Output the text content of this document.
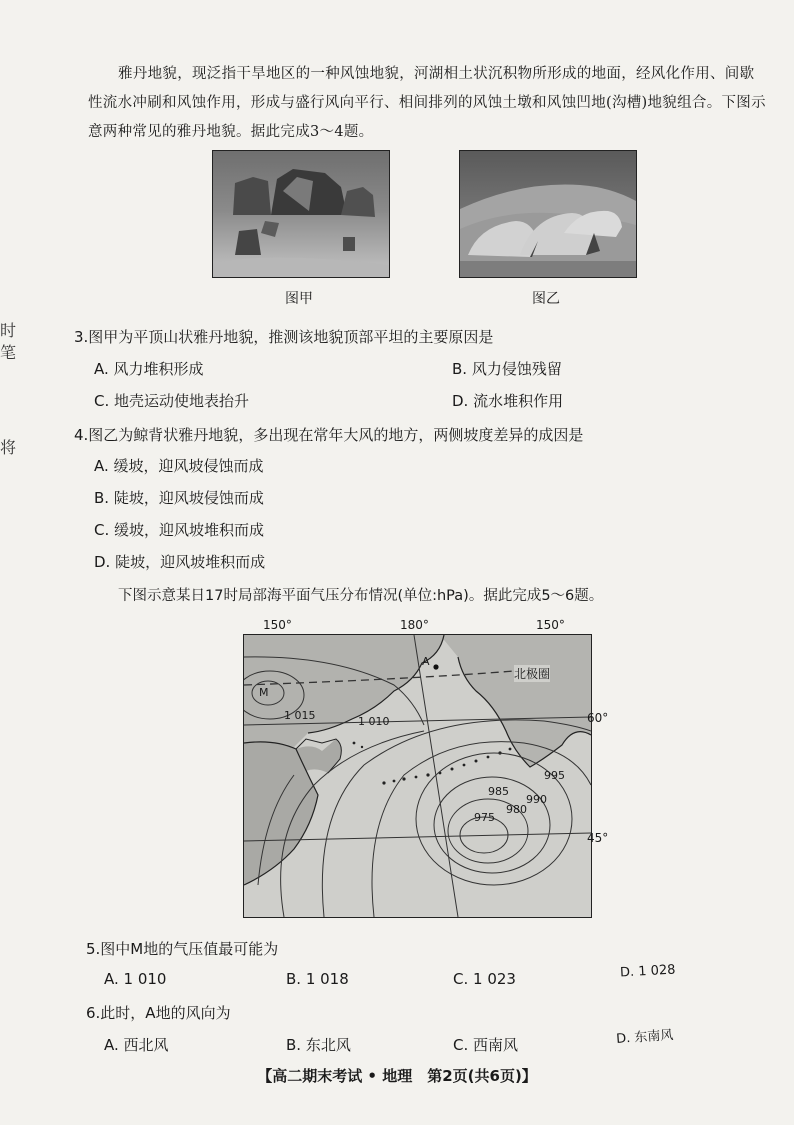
时
笔
将
雅丹地貌，现泛指干旱地区的一种风蚀地貌，河湖相土状沉积物所形成的地面，经风化作用、间歇性流水冲刷和风蚀作用，形成与盛行风向平行、相间排列的风蚀土墩和风蚀凹地(沟槽)地貌组合。下图示意两种常见的雅丹地貌。据此完成3～4题。
图甲	图乙
3.图甲为平顶山状雅丹地貌，推测该地貌顶部平坦的主要原因是
A. 风力堆积形成	B. 风力侵蚀残留
C. 地壳运动使地表抬升	D. 流水堆积作用
4.图乙为鲸背状雅丹地貌，多出现在常年大风的地方，两侧坡度差异的成因是
A. 缓坡，迎风坡侵蚀而成
B. 陡坡，迎风坡侵蚀而成
C. 缓坡，迎风坡堆积而成
D. 陡坡，迎风坡堆积而成
下图示意某日17时局部海平面气压分布情况(单位:hPa)。据此完成5～6题。
150°	180°	150°
M
A
北极圈
1 015	1 010
995
990
985
980
975
60°
45°
5.图中M地的气压值最可能为
A. 1 010	B. 1 018	C. 1 023	D. 1 028
6.此时，A地的风向为
A. 西北风	B. 东北风	C. 西南风	D. 东南风
【高二期末考试 • 地理　第2页(共6页)】
